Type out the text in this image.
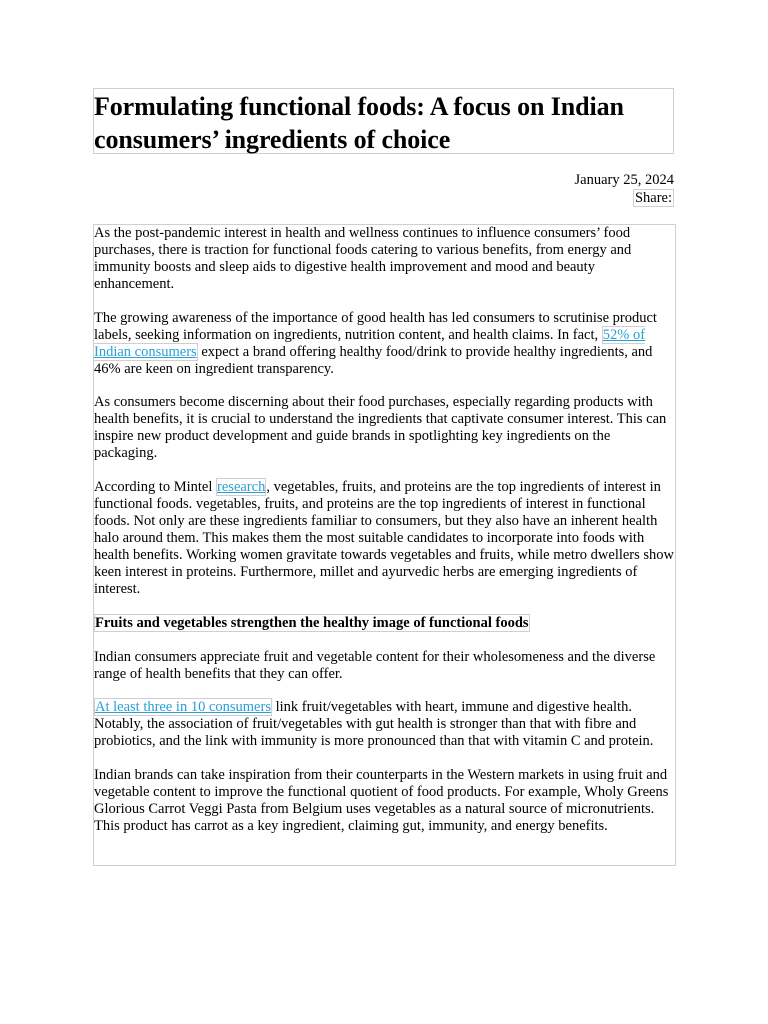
Formulating functional foods: A focus on Indian consumers’ ingredients of choice
January 25, 2024
Share:

As the post-pandemic interest in health and wellness continues to influence consumers’ food purchases, there is traction for functional foods catering to various benefits, from energy and immunity boosts and sleep aids to digestive health improvement and mood and beauty enhancement.

The growing awareness of the importance of good health has led consumers to scrutinise product labels, seeking information on ingredients, nutrition content, and health claims. In fact, 52% of Indian consumers expect a brand offering healthy food/drink to provide healthy ingredients, and 46% are keen on ingredient transparency.

As consumers become discerning about their food purchases, especially regarding products with health benefits, it is crucial to understand the ingredients that captivate consumer interest. This can inspire new product development and guide brands in spotlighting key ingredients on the packaging.

According to Mintel research, vegetables, fruits, and proteins are the top ingredients of interest in functional foods. vegetables, fruits, and proteins are the top ingredients of interest in functional foods. Not only are these ingredients familiar to consumers, but they also have an inherent health halo around them. This makes them the most suitable candidates to incorporate into foods with health benefits. Working women gravitate towards vegetables and fruits, while metro dwellers show keen interest in proteins. Furthermore, millet and ayurvedic herbs are emerging ingredients of interest.

Fruits and vegetables strengthen the healthy image of functional foods

Indian consumers appreciate fruit and vegetable content for their wholesomeness and the diverse range of health benefits that they can offer.

At least three in 10 consumers link fruit/vegetables with heart, immune and digestive health. Notably, the association of fruit/vegetables with gut health is stronger than that with fibre and probiotics, and the link with immunity is more pronounced than that with vitamin C and protein.

Indian brands can take inspiration from their counterparts in the Western markets in using fruit and vegetable content to improve the functional quotient of food products. For example, Wholy Greens Glorious Carrot Veggi Pasta from Belgium uses vegetables as a natural source of micronutrients. This product has carrot as a key ingredient, claiming gut, immunity, and energy benefits.
